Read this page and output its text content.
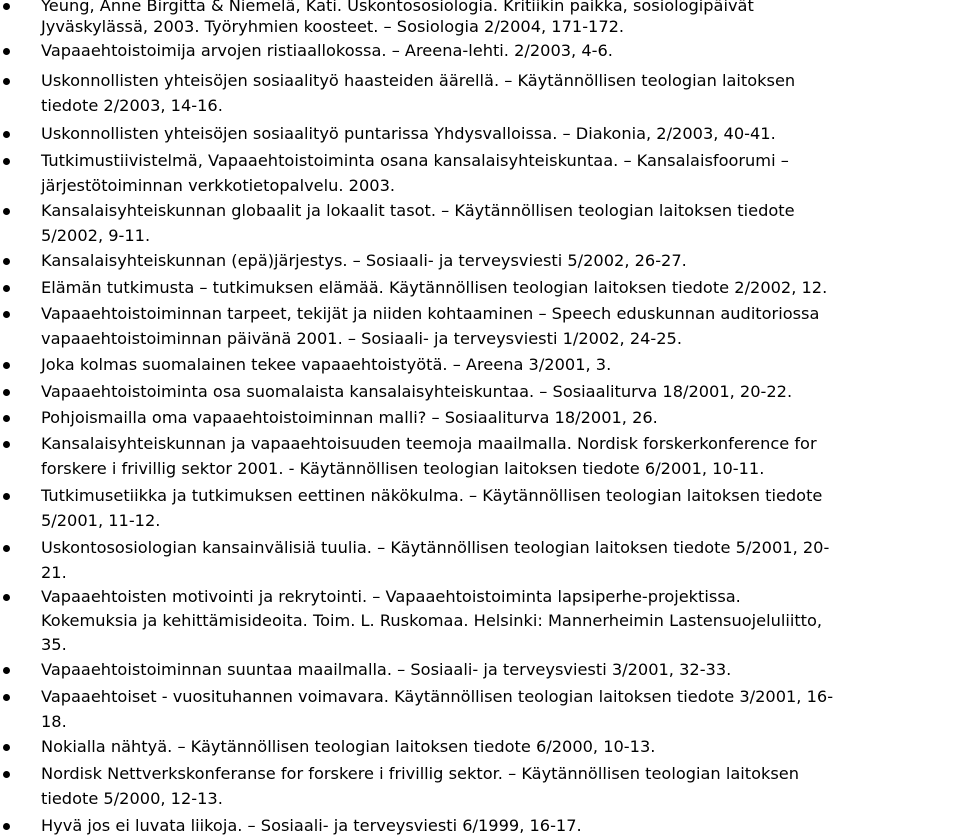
Yeung, Anne Birgitta & Niemelä, Kati. Uskontososiologia. Kritiikin paikka, sosiologipäivät
Jyväskylässä, 2003. Työryhmien koosteet. – Sosiologia 2/2004, 171-172.
Vapaaehtoistoimija arvojen ristiaallokossa. – Areena-lehti. 2/2003, 4-6.
Uskonnollisten yhteisöjen sosiaalityö haasteiden äärellä. – Käytännöllisen teologian laitoksen
tiedote 2/2003, 14-16.
Uskonnollisten yhteisöjen sosiaalityö puntarissa Yhdysvalloissa. – Diakonia, 2/2003, 40-41.
Tutkimustiivistelmä, Vapaaehtoistoiminta osana kansalaisyhteiskuntaa. – Kansalaisfoorumi –
järjestötoiminnan verkkotietopalvelu. 2003.
Kansalaisyhteiskunnan globaalit ja lokaalit tasot. – Käytännöllisen teologian laitoksen tiedote
5/2002, 9-11.
Kansalaisyhteiskunnan (epä)järjestys. – Sosiaali- ja terveysviesti 5/2002, 26-27.
Elämän tutkimusta – tutkimuksen elämää. Käytännöllisen teologian laitoksen tiedote 2/2002, 12.
Vapaaehtoistoiminnan tarpeet, tekijät ja niiden kohtaaminen – Speech eduskunnan auditoriossa
vapaaehtoistoiminnan päivänä 2001. – Sosiaali- ja terveysviesti 1/2002, 24-25.
Joka kolmas suomalainen tekee vapaaehtoistyötä. – Areena 3/2001, 3.
Vapaaehtoistoiminta osa suomalaista kansalaisyhteiskuntaa. – Sosiaaliturva 18/2001, 20-22.
Pohjoismailla oma vapaaehtoistoiminnan malli? – Sosiaaliturva 18/2001, 26.
Kansalaisyhteiskunnan ja vapaaehtoisuuden teemoja maailmalla. Nordisk forskerkonference for
forskere i frivillig sektor 2001. - Käytännöllisen teologian laitoksen tiedote 6/2001, 10-11.
Tutkimusetiikka ja tutkimuksen eettinen näkökulma. – Käytännöllisen teologian laitoksen tiedote
5/2001, 11-12.
Uskontososiologian kansainvälisiä tuulia. – Käytännöllisen teologian laitoksen tiedote 5/2001, 20-
21.
Vapaaehtoisten motivointi ja rekrytointi. – Vapaaehtoistoiminta lapsiperhe-projektissa.
Kokemuksia ja kehittämisideoita. Toim. L. Ruskomaa. Helsinki: Mannerheimin Lastensuojeluliitto,
35.
Vapaaehtoistoiminnan suuntaa maailmalla. – Sosiaali- ja terveysviesti 3/2001, 32-33.
Vapaaehtoiset - vuosituhannen voimavara. Käytännöllisen teologian laitoksen tiedote 3/2001, 16-
18.
Nokialla nähtyä. – Käytännöllisen teologian laitoksen tiedote 6/2000, 10-13.
Nordisk Nettverkskonferanse for forskere i frivillig sektor. – Käytännöllisen teologian laitoksen
tiedote 5/2000, 12-13.
Hyvä jos ei luvata liikoja. – Sosiaali- ja terveysviesti 6/1999, 16-17.
